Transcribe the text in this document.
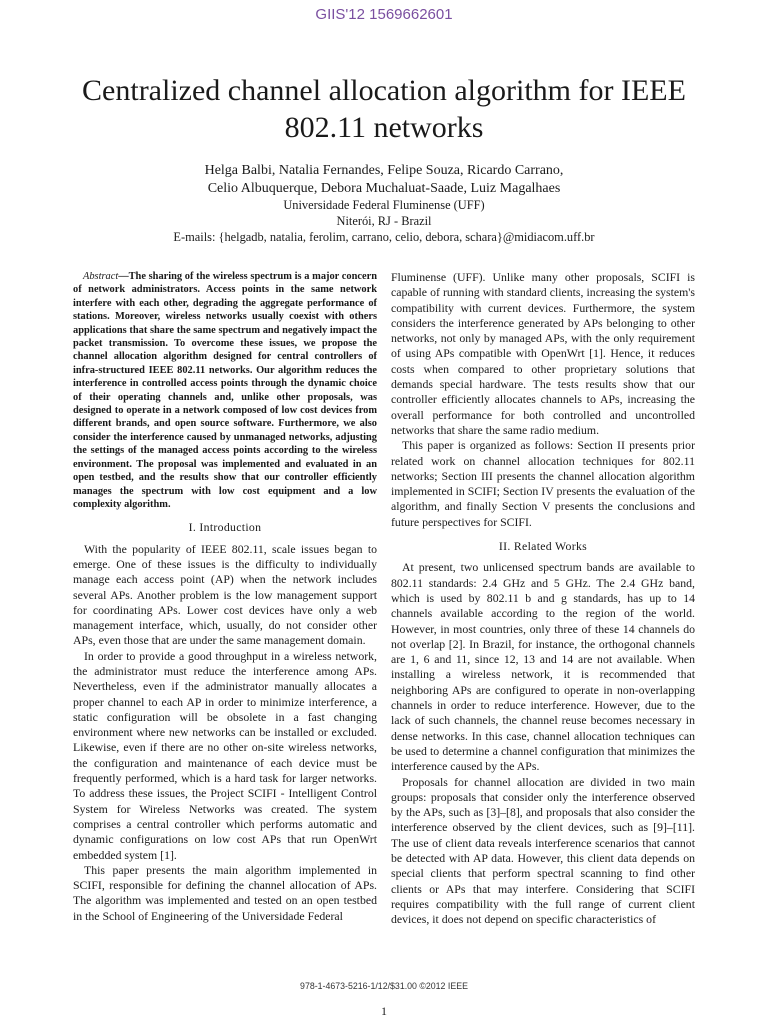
GIIS'12 1569662601
Centralized channel allocation algorithm for IEEE 802.11 networks
Helga Balbi, Natalia Fernandes, Felipe Souza, Ricardo Carrano,
Celio Albuquerque, Debora Muchaluat-Saade, Luiz Magalhaes
Universidade Federal Fluminense (UFF)
Niterói, RJ - Brazil
E-mails: {helgadb, natalia, ferolim, carrano, celio, debora, schara}@midiacom.uff.br

Abstract—The sharing of the wireless spectrum is a major concern of network administrators. Access points in the same network interfere with each other, degrading the aggregate performance of stations. Moreover, wireless networks usually coexist with others applications that share the same spectrum and negatively impact the packet transmission. To overcome these issues, we propose the channel allocation algorithm designed for central controllers of infra-structured IEEE 802.11 networks. Our algorithm reduces the interference in controlled access points through the dynamic choice of their operating channels and, unlike other proposals, was designed to operate in a network composed of low cost devices from different brands, and open source software. Furthermore, we also consider the interference caused by unmanaged networks, adjusting the settings of the managed access points according to the wireless environment. The proposal was implemented and evaluated in an open testbed, and the results show that our controller efficiently manages the spectrum with low cost equipment and a low complexity algorithm.

I. Introduction

With the popularity of IEEE 802.11, scale issues began to emerge. One of these issues is the difficulty to individually manage each access point (AP) when the network includes several APs. Another problem is the low management support for coordinating APs. Lower cost devices have only a web management interface, which, usually, do not consider other APs, even those that are under the same management domain.

In order to provide a good throughput in a wireless network, the administrator must reduce the interference among APs. Nevertheless, even if the administrator manually allocates a proper channel to each AP in order to minimize interference, a static configuration will be obsolete in a fast changing environment where new networks can be installed or excluded. Likewise, even if there are no other on-site wireless networks, the configuration and maintenance of each device must be frequently performed, which is a hard task for larger networks. To address these issues, the Project SCIFI - Intelligent Control System for Wireless Networks was created. The system comprises a central controller which performs automatic and dynamic configurations on low cost APs that run OpenWrt embedded system [1].

This paper presents the main algorithm implemented in SCIFI, responsible for defining the channel allocation of APs. The algorithm was implemented and tested on an open testbed in the School of Engineering of the Universidade Federal

Fluminense (UFF). Unlike many other proposals, SCIFI is capable of running with standard clients, increasing the system's compatibility with current devices. Furthermore, the system considers the interference generated by APs belonging to other networks, not only by managed APs, with the only requirement of using APs compatible with OpenWrt [1]. Hence, it reduces costs when compared to other proprietary solutions that demands special hardware. The tests results show that our controller efficiently allocates channels to APs, increasing the overall performance for both controlled and uncontrolled networks that share the same radio medium.

This paper is organized as follows: Section II presents prior related work on channel allocation techniques for 802.11 networks; Section III presents the channel allocation algorithm implemented in SCIFI; Section IV presents the evaluation of the algorithm, and finally Section V presents the conclusions and future perspectives for SCIFI.

II. Related Works

At present, two unlicensed spectrum bands are available to 802.11 standards: 2.4 GHz and 5 GHz. The 2.4 GHz band, which is used by 802.11 b and g standards, has up to 14 channels available according to the region of the world. However, in most countries, only three of these 14 channels do not overlap [2]. In Brazil, for instance, the orthogonal channels are 1, 6 and 11, since 12, 13 and 14 are not available. When installing a wireless network, it is recommended that neighboring APs are configured to operate in non-overlapping channels in order to reduce interference. However, due to the lack of such channels, the channel reuse becomes necessary in dense networks. In this case, channel allocation techniques can be used to determine a channel configuration that minimizes the interference caused by the APs.

Proposals for channel allocation are divided in two main groups: proposals that consider only the interference observed by the APs, such as [3]–[8], and proposals that also consider the interference observed by the client devices, such as [9]–[11]. The use of client data reveals interference scenarios that cannot be detected with AP data. However, this client data depends on special clients that perform spectral scanning to find other clients or APs that may interfere. Considering that SCIFI requires compatibility with the full range of current client devices, it does not depend on specific characteristics of

978-1-4673-5216-1/12/$31.00 ©2012 IEEE
1
